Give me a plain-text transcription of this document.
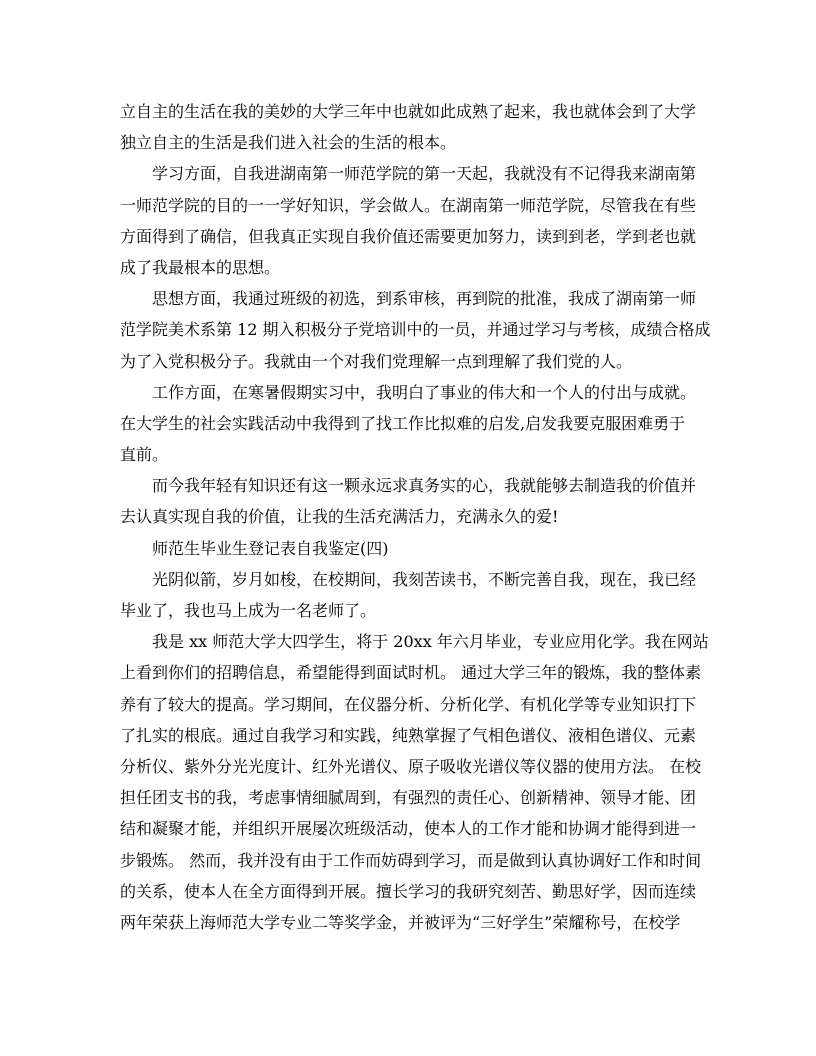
立自主的生活在我的美妙的大学三年中也就如此成熟了起来，我也就体会到了大学
独立自主的生活是我们进入社会的生活的根本。
学习方面，自我进湖南第一师范学院的第一天起，我就没有不记得我来湖南第
一师范学院的目的一一学好知识，学会做人。在湖南第一师范学院，尽管我在有些
方面得到了确信，但我真正实现自我价值还需要更加努力，读到到老，学到老也就
成了我最根本的思想。
思想方面，我通过班级的初选，到系审核，再到院的批准，我成了湖南第一师
范学院美术系第 12 期入积极分子党培训中的一员，并通过学习与考核，成绩合格成
为了入党积极分子。我就由一个对我们党理解一点到理解了我们党的人。
工作方面，在寒暑假期实习中，我明白了事业的伟大和一个人的付出与成就。
在大学生的社会实践活动中我得到了找工作比拟难的启发,启发我要克服困难勇于
直前。
而今我年轻有知识还有这一颗永远求真务实的心，我就能够去制造我的价值并
去认真实现自我的价值，让我的生活充满活力，充满永久的爱!
师范生毕业生登记表自我鉴定(四)
光阴似箭，岁月如梭，在校期间，我刻苦读书，不断完善自我，现在，我已经
毕业了，我也马上成为一名老师了。
我是 xx 师范大学大四学生，将于 20xx 年六月毕业，专业应用化学。我在网站
上看到你们的招聘信息，希望能得到面试时机。 通过大学三年的锻炼，我的整体素
养有了较大的提高。学习期间，在仪器分析、分析化学、有机化学等专业知识打下
了扎实的根底。通过自我学习和实践，纯熟掌握了气相色谱仪、液相色谱仪、元素
分析仪、紫外分光光度计、红外光谱仪、原子吸收光谱仪等仪器的使用方法。 在校
担任团支书的我，考虑事情细腻周到，有强烈的责任心、创新精神、领导才能、团
结和凝聚才能，并组织开展屡次班级活动，使本人的工作才能和协调才能得到进一
步锻炼。 然而，我并没有由于工作而妨碍到学习，而是做到认真协调好工作和时间
的关系，使本人在全方面得到开展。擅长学习的我研究刻苦、勤思好学，因而连续
两年荣获上海师范大学专业二等奖学金，并被评为“三好学生”荣耀称号，在校学
